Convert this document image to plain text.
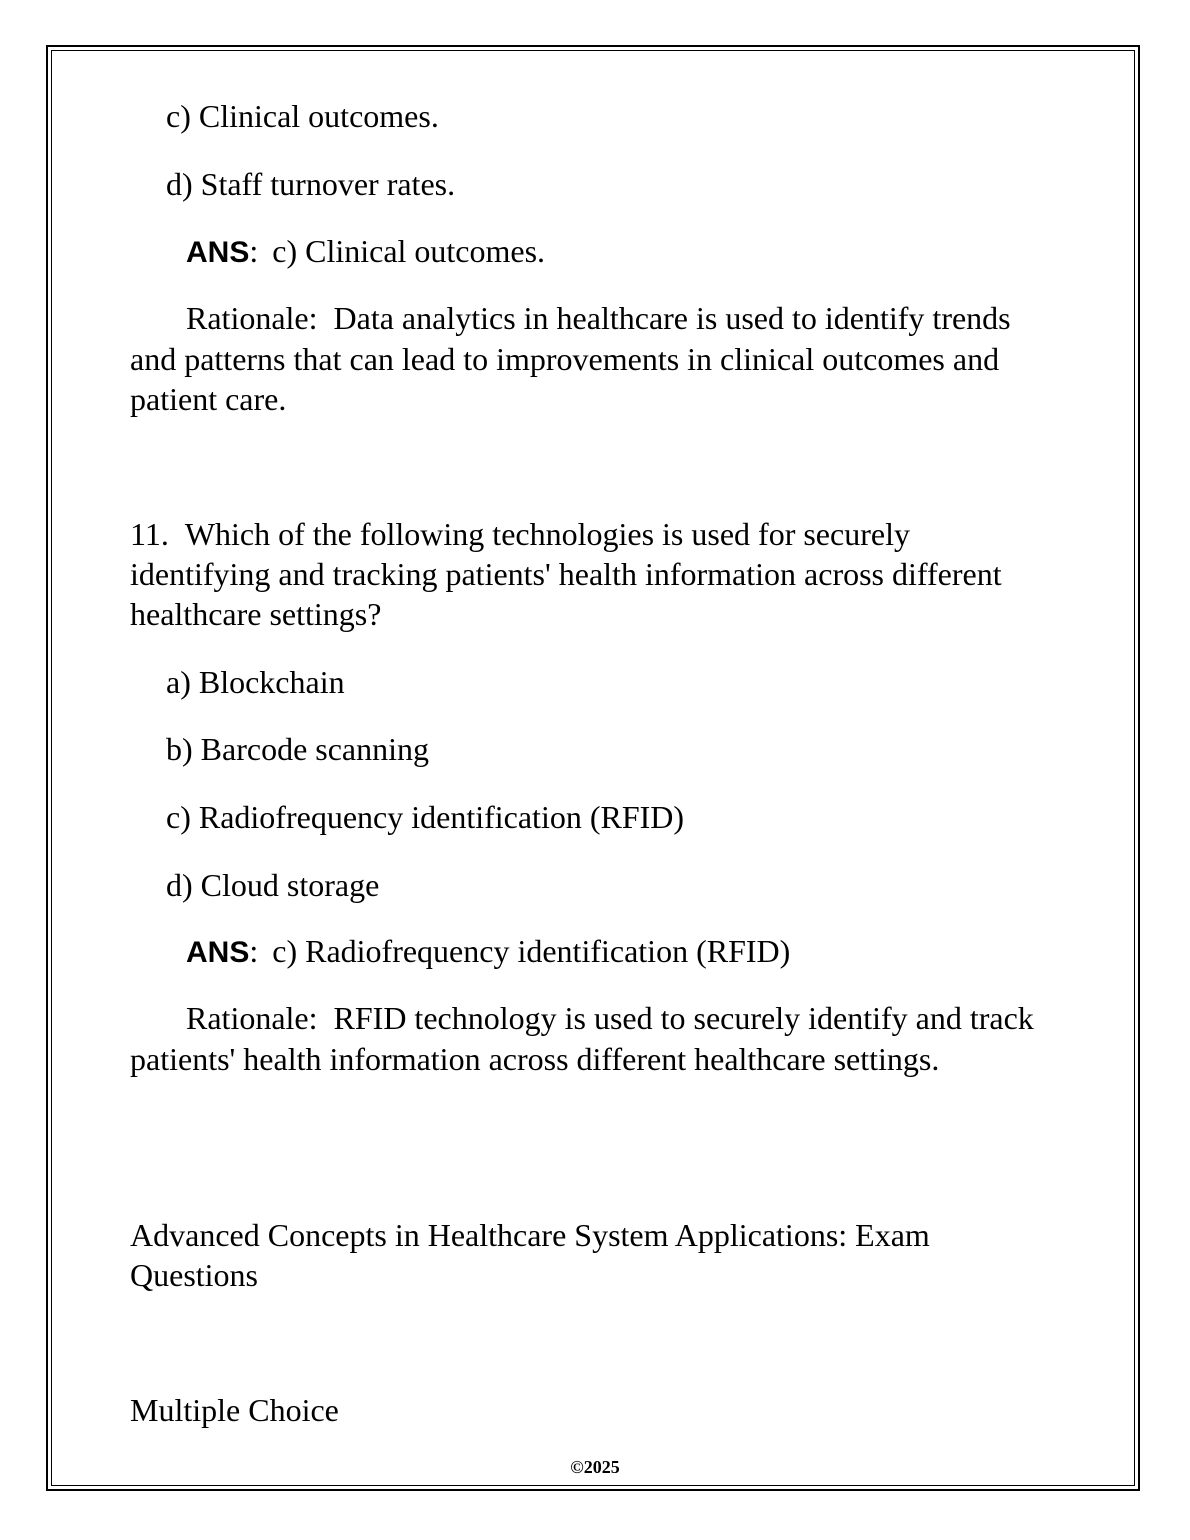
c) Clinical outcomes.

d) Staff turnover rates.

ANS: c) Clinical outcomes.

Rationale: Data analytics in healthcare is used to identify trends and patterns that can lead to improvements in clinical outcomes and patient care.

11. Which of the following technologies is used for securely identifying and tracking patients' health information across different healthcare settings?

a) Blockchain

b) Barcode scanning

c) Radiofrequency identification (RFID)

d) Cloud storage

ANS: c) Radiofrequency identification (RFID)

Rationale: RFID technology is used to securely identify and track patients' health information across different healthcare settings.

Advanced Concepts in Healthcare System Applications: Exam Questions

Multiple Choice

©2025
